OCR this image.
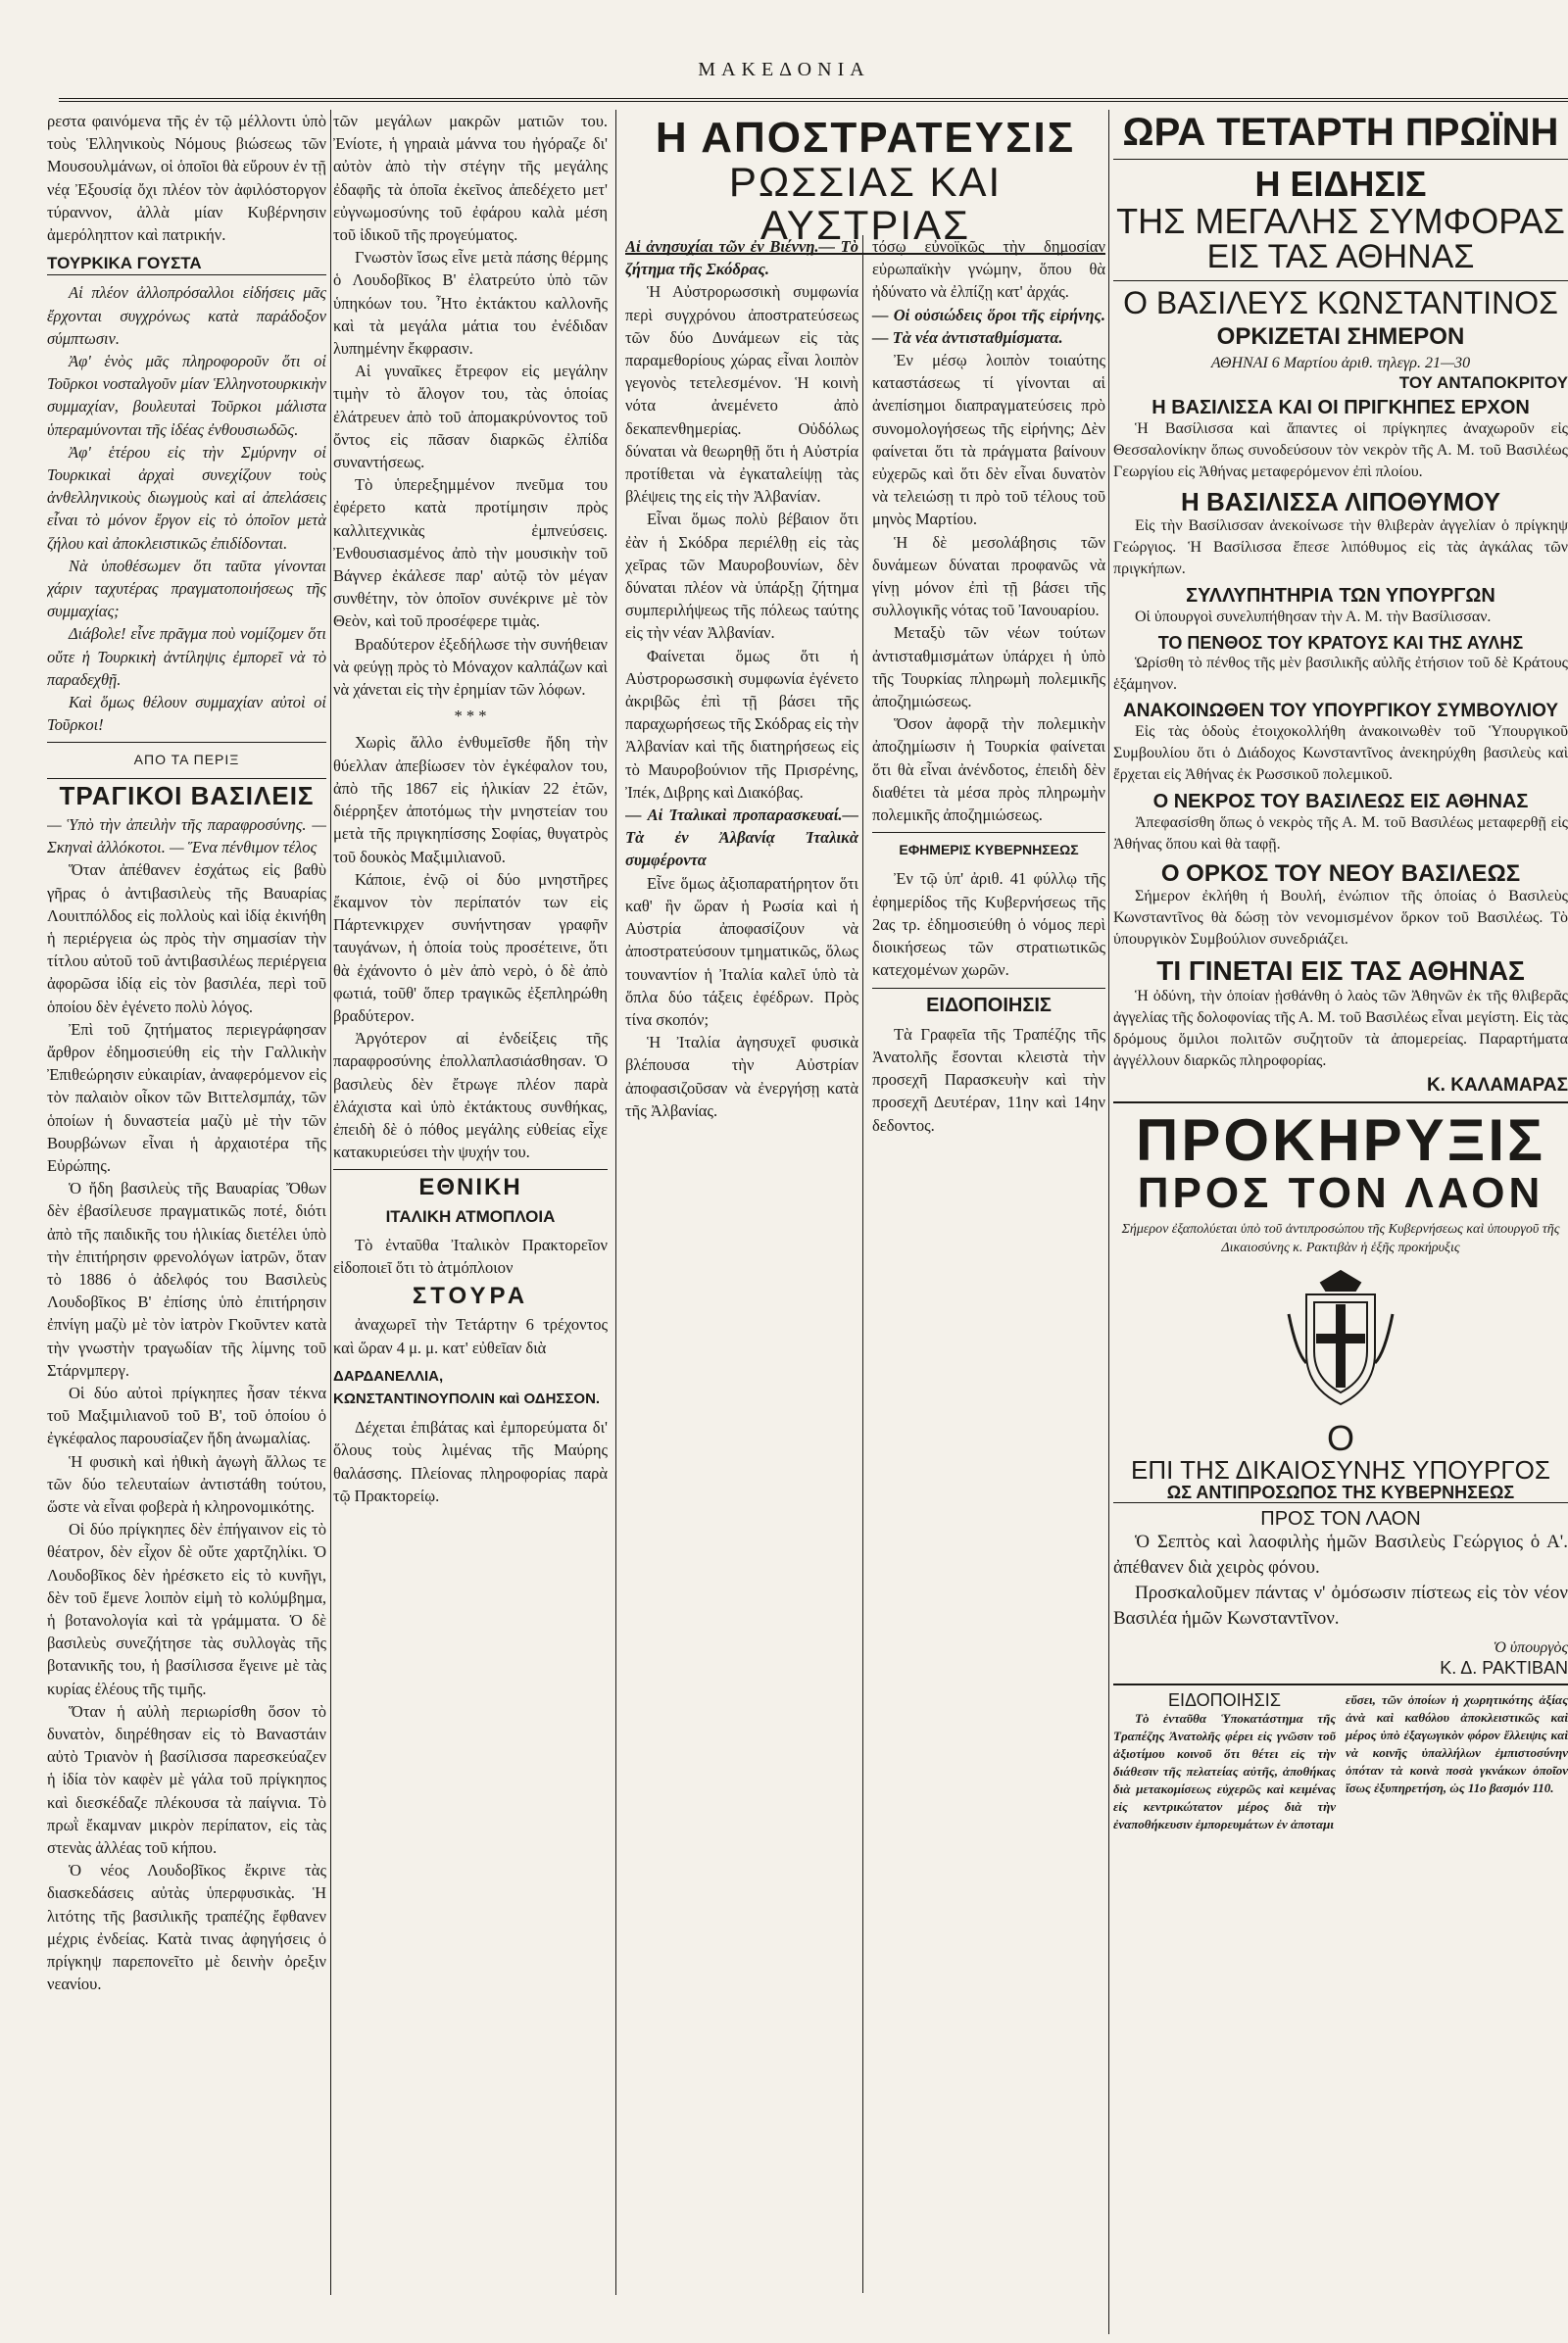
ΜΑΚΕΔΟΝΙΑ

ρεστα φαινόμενα τῆς ἐν τῷ μέλλοντι ὑπὸ τοὺς Ἑλληνικοὺς Νόμους βιώσεως τῶν Μουσουλμάνων, οἱ ὁποῖοι θὰ εὕρουν ἐν τῇ νέᾳ Ἐξουσίᾳ ὄχι πλέον τὸν ἀφιλόστοργον τύραννον, ἀλλὰ μίαν Κυβέρνησιν ἀμερόληπτον καὶ πατρικήν.

ΤΟΥΡΚΙΚΑ ΓΟΥΣΤΑ

Αἱ πλέον ἀλλοπρόσαλλοι εἰδήσεις μᾶς ἔρχονται συγχρόνως κατὰ παράδοξον σύμπτωσιν.

Ἀφ' ἑνὸς μᾶς πληροφοροῦν ὅτι οἱ Τοῦρκοι νοσταλγοῦν μίαν Ἑλληνοτουρκικὴν συμμαχίαν, βουλευταὶ Τοῦρκοι μάλιστα ὑπεραμύνονται τῆς ἰδέας ἐνθουσιωδῶς.

Ἀφ' ἑτέρου εἰς τὴν Σμύρνην οἱ Τουρκικαὶ ἀρχαὶ συνεχίζουν τοὺς ἀνθελληνικοὺς διωγμοὺς καὶ αἱ ἀπελάσεις εἶναι τὸ μόνον ἔργον εἰς τὸ ὁποῖον μετὰ ζήλου καὶ ἀποκλειστικῶς ἐπιδίδονται.

Νὰ ὑποθέσωμεν ὅτι ταῦτα γίνονται χάριν ταχυτέρας πραγματοποιήσεως τῆς συμμαχίας;

Διάβολε! εἶνε πρᾶγμα ποὺ νομίζομεν ὅτι οὔτε ἡ Τουρκικὴ ἀντίληψις ἐμπορεῖ νὰ τὸ παραδεχθῇ.

Καὶ ὅμως θέλουν συμμαχίαν αὐτοὶ οἱ Τοῦρκοι!

ΑΠΟ ΤΑ ΠΕΡΙΞ
ΤΡΑΓΙΚΟΙ ΒΑΣΙΛΕΙΣ

— Ὑπὸ τὴν ἀπειλὴν τῆς παραφροσύνης. — Σκηναὶ ἀλλόκοτοι. — Ἕνα πένθιμον τέλος

Ὅταν ἀπέθανεν ἐσχάτως εἰς βαθὺ γῆρας ὁ ἀντιβασιλεὺς τῆς Βαυαρίας Λουιτπόλδος εἰς πολλοὺς καὶ ἰδίᾳ ἐκινήθη ἡ περιέργεια ὡς πρὸς τὴν σημασίαν τὴν τίτλου αὐτοῦ τοῦ ἀντιβασιλέως περιέργεια ἀφορῶσα ἰδίᾳ εἰς τὸν βασιλέα, περὶ τοῦ ὁποίου δὲν ἐγένετο πολὺ λόγος.

Ἐπὶ τοῦ ζητήματος περιεγράφησαν ἄρθρον ἐδημοσιεύθη εἰς τὴν Γαλλικὴν Ἐπιθεώρησιν εὐκαιρίαν, ἀναφερόμενον εἰς τὸν παλαιὸν οἶκον τῶν Βιττελσμπάχ, τῶν ὁποίων ἡ δυναστεία μαζὺ μὲ τὴν τῶν Βουρβώνων εἶναι ἡ ἀρχαιοτέρα τῆς Εὐρώπης.

Ὁ ἤδη βασιλεὺς τῆς Βαυαρίας Ὄθων δὲν ἐβασίλευσε πραγματικῶς ποτέ, διότι ἀπὸ τῆς παιδικῆς του ἡλικίας διετέλει ὑπὸ τὴν ἐπιτήρησιν φρενολόγων ἰατρῶν, ὅταν τὸ 1886 ὁ ἀδελφός του Βασιλεὺς Λουδοβῖκος Β' ἐπίσης ὑπὸ ἐπιτήρησιν ἐπνίγη μαζὺ μὲ τὸν ἰατρὸν Γκοῦντεν κατὰ τὴν γνωστὴν τραγωδίαν τῆς λίμνης τοῦ Στάρνμπεργ.

Οἱ δύο αὐτοὶ πρίγκηπες ἦσαν τέκνα τοῦ Μαξιμιλιανοῦ τοῦ Β', τοῦ ὁποίου ὁ ἐγκέφαλος παρουσίαζεν ἤδη ἀνωμαλίας.

Ἡ φυσικὴ καὶ ἠθικὴ ἀγωγὴ ἄλλως τε τῶν δύο τελευταίων ἀντιστάθη τούτου, ὥστε νὰ εἶναι φοβερὰ ἡ κληρονομικότης.

Οἱ δύο πρίγκηπες δὲν ἐπήγαινον εἰς τὸ θέατρον, δὲν εἶχον δὲ οὔτε χαρτζηλίκι. Ὁ Λουδοβῖκος δὲν ἠρέσκετο εἰς τὸ κυνῆγι, δὲν τοῦ ἔμενε λοιπὸν εἰμὴ τὸ κολύμβημα, ἡ βοτανολογία καὶ τὰ γράμματα. Ὁ δὲ βασιλεὺς συνεζήτησε τὰς συλλογὰς τῆς βοτανικῆς του, ἡ βασίλισσα ἔγεινε μὲ τὰς κυρίας ἐλέους τῆς τιμῆς.

Ὅταν ἡ αὐλὴ περιωρίσθη ὅσον τὸ δυνατὸν, διηρέθησαν εἰς τὸ Βαναστάιν αὐτὸ Τριανὸν ἡ βασίλισσα παρεσκεύαζεν ἡ ἰδία τὸν καφὲν μὲ γάλα τοῦ πρίγκηπος καὶ διεσκέδαζε πλέκουσα τὰ παίγνια. Τὸ πρωῒ ἔκαμναν μικρὸν περίπατον, εἰς τὰς στενὰς ἀλλέας τοῦ κήπου.

Ὁ νέος Λουδοβῖκος ἔκρινε τὰς διασκεδάσεις αὐτὰς ὑπερφυσικὰς. Ἡ λιτότης τῆς βασιλικῆς τραπέζης ἔφθανεν μέχρις ἐνδείας. Κατὰ τινας ἀφηγήσεις ὁ πρίγκηψ παρεπονεῖτο μὲ δεινὴν ὀρεξιν νεανίου.

τῶν μεγάλων μακρῶν ματιῶν του. Ἐνίοτε, ἡ γηραιὰ μάννα του ἠγόραζε δι' αὐτὸν ἀπὸ τὴν στέγην τῆς μεγάλης ἐδαφῆς τὰ ὁποῖα ἐκεῖνος ἀπεδέχετο μετ' εὐγνωμοσύνης τοῦ ἐφάρου καλὰ μέση τοῦ ἰδικοῦ τῆς προγεύματος.

Γνωστὸν ἴσως εἶνε μετὰ πάσης θέρμης ὁ Λουδοβῖκος Β' ἐλατρεύτο ὑπὸ τῶν ὑπηκόων του. Ἦτο ἐκτάκτου καλλονῆς καὶ τὰ μεγάλα μάτια του ἐνέδιδαν λυπημένην ἔκφρασιν.

Αἱ γυναῖκες ἔτρεφον εἰς μεγάλην τιμὴν τὸ ἄλογον του, τὰς ὁποίας ἐλάτρευεν ἀπὸ τοῦ ἀπομακρύνοντος τοῦ ὄντος εἰς πᾶσαν διαρκῶς ἐλπίδα συναντήσεως.

Τὸ ὑπερεξημμένον πνεῦμα του ἐφέρετο κατὰ προτίμησιν πρὸς καλλιτεχνικὰς ἐμπνεύσεις. Ἐνθουσιασμένος ἀπὸ τὴν μουσικὴν τοῦ Βάγνερ ἐκάλεσε παρ' αὐτῷ τὸν μέγαν συνθέτην, τὸν ὁποῖον συνέκρινε μὲ τὸν Θεὸν, καὶ τοῦ προσέφερε τιμὰς.

Βραδύτερον ἐξεδήλωσε τὴν συνήθειαν νὰ φεύγῃ πρὸς τὸ Μόναχον καλπάζων καὶ νὰ χάνεται εἰς τὴν ἐρημίαν τῶν λόφων.

* * *

Χωρὶς ἄλλο ἐνθυμεῖσθε ἤδη τὴν θύελλαν ἀπεβίωσεν τὸν ἐγκέφαλον του, ἀπὸ τῆς 1867 εἰς ἡλικίαν 22 ἐτῶν, διέρρηξεν ἀποτόμως τὴν μνηστείαν του μετὰ τῆς πριγκηπίσσης Σοφίας, θυγατρὸς τοῦ δουκὸς Μαξιμιλιανοῦ.

Κάποιε, ἐνῷ οἱ δύο μνηστῆρες ἔκαμνον τὸν περίπατόν των εἰς Πάρτενκιρχεν συνήντησαν γραφῆν ταυγάνων, ἡ ὁποία τοὺς προσέτεινε, ὅτι θὰ ἐχάνοντο ὁ μὲν ἀπὸ νερὸ, ὁ δὲ ἀπὸ φωτιά, τοῦθ' ὅπερ τραγικῶς ἐξεπληρώθη βραδύτερον.

Ἀργότερον αἱ ἐνδείξεις τῆς παραφροσύνης ἐπολλαπλασιάσθησαν. Ὁ βασιλεὺς δὲν ἔτρωγε πλέον παρὰ ἐλάχιστα καὶ ὑπὸ ἐκτάκτους συνθήκας, ἐπειδὴ δὲ ὁ πόθος μεγάλης εὐθείας εἶχε κατακυριεύσει τὴν ψυχήν του.

ΕΘΝΙΚΗ
ΙΤΑΛΙΚΗ ΑΤΜΟΠΛΟΙΑ

Τὸ ἐνταῦθα Ἰταλικὸν Πρακτορεῖον εἰδοποιεῖ ὅτι τὸ ἀτμόπλοιον

ΣΤΟΥΡΑ

ἀναχωρεῖ τὴν Τετάρτην 6 τρέχοντος καὶ ὥραν 4 μ. μ. κατ' εὐθεῖαν διὰ

ΔΑΡΔΑΝΕΛΛΙΑ, ΚΩΝΣΤΑΝΤΙΝΟΥΠΟΛΙΝ καὶ ΟΔΗΣΣΟΝ.

Δέχεται ἐπιβάτας καὶ ἐμπορεύματα δι' ὅλους τοὺς λιμένας τῆς Μαύρης θαλάσσης. Πλείονας πληροφορίας παρὰ τῷ Πρακτορείῳ.

Η ΑΠΟΣΤΡΑΤΕΥΣΙΣ
ΡΩΣΣΙΑΣ ΚΑΙ ΑΥΣΤΡΙΑΣ

Αἱ ἀνησυχίαι τῶν ἐν Βιέννῃ.— Τὸ ζήτημα τῆς Σκόδρας.

Ἡ Αὐστρορωσσικὴ συμφωνία περὶ συγχρόνου ἀποστρατεύσεως τῶν δύο Δυνάμεων εἰς τὰς παραμεθορίους χώρας εἶναι λοιπὸν γεγονὸς τετελεσμένον. Ἡ κοινὴ νότα ἀνεμένετο ἀπὸ δεκαπενθημερίας. Οὐδόλως δύναται νὰ θεωρηθῇ ὅτι ἡ Αὐστρία προτίθεται νὰ ἐγκαταλείψῃ τὰς βλέψεις της εἰς τὴν Ἀλβανίαν.

Εἶναι ὅμως πολὺ βέβαιον ὅτι ἐὰν ἡ Σκόδρα περιέλθῃ εἰς τὰς χεῖρας τῶν Μαυροβουνίων, δὲν δύναται πλέον νὰ ὑπάρξῃ ζήτημα συμπεριλήψεως τῆς πόλεως ταύτης εἰς τὴν νέαν Ἀλβανίαν.

Φαίνεται ὅμως ὅτι ἡ Αὐστρορωσσικὴ συμφωνία ἐγένετο ἀκριβῶς ἐπὶ τῇ βάσει τῆς παραχωρήσεως τῆς Σκόδρας εἰς τὴν Ἀλβανίαν καὶ τῆς διατηρήσεως εἰς τὸ Μαυροβούνιον τῆς Πρισρένης, Ἰπέκ, Διβρης καὶ Διακόβας.

— Αἱ Ἰταλικαὶ προπαρασκευαί.— Τὰ ἐν Ἀλβανίᾳ Ἰταλικὰ συμφέροντα

Εἶνε ὅμως ἀξιοπαρατήρητον ὅτι καθ' ἣν ὥραν ἡ Ρωσία καὶ ἡ Αὐστρία ἀποφασίζουν νὰ ἀποστρατεύσουν τμηματικῶς, ὅλως τουναντίον ἡ Ἰταλία καλεῖ ὑπὸ τὰ ὅπλα δύο τάξεις ἐφέδρων. Πρὸς τίνα σκοπόν;

Ἡ Ἰταλία ἀγησυχεῖ φυσικὰ βλέπουσα τὴν Αὐστρίαν ἀποφασιζοῦσαν νὰ ἐνεργήσῃ κατὰ τῆς Ἀλβανίας.

τόσῳ εὐνοϊκῶς τὴν δημοσίαν εὐρωπαϊκὴν γνώμην, ὅπου θὰ ἠδύνατο νὰ ἐλπίζῃ κατ' ἀρχάς.

— Οἱ οὐσιώδεις ὅροι τῆς εἰρήνης.— Τὰ νέα ἀντισταθμίσματα.

Ἐν μέσῳ λοιπὸν τοιαύτης καταστάσεως τί γίνονται αἱ ἀνεπίσημοι διαπραγματεύσεις πρὸ συνομολογήσεως τῆς εἰρήνης; Δὲν φαίνεται ὅτι τὰ πράγματα βαίνουν εὐχερῶς καὶ ὅτι δὲν εἶναι δυνατὸν νὰ τελειώσῃ τι πρὸ τοῦ τέλους τοῦ μηνὸς Μαρτίου.

Ἡ δὲ μεσολάβησις τῶν δυνάμεων δύναται προφανῶς νὰ γίνῃ μόνον ἐπὶ τῇ βάσει τῆς συλλογικῆς νότας τοῦ Ἰανουαρίου.

Μεταξὺ τῶν νέων τούτων ἀντισταθμισμάτων ὑπάρχει ἡ ὑπὸ τῆς Τουρκίας πληρωμὴ πολεμικῆς ἀποζημιώσεως.

Ὅσον ἀφορᾷ τὴν πολεμικὴν ἀποζημίωσιν ἡ Τουρκία φαίνεται ὅτι θὰ εἶναι ἀνένδοτος, ἐπειδὴ δὲν διαθέτει τὰ μέσα πρὸς πληρωμὴν πολεμικῆς ἀποζημιώσεως.

ΕΦΗΜΕΡΙΣ ΚΥΒΕΡΝΗΣΕΩΣ

Ἐν τῷ ὑπ' ἀριθ. 41 φύλλῳ τῆς ἐφημερίδος τῆς Κυβερνήσεως τῆς 2ας τρ. ἐδημοσιεύθη ὁ νόμος περὶ διοικήσεως τῶν στρατιωτικῶς κατεχομένων χωρῶν.

ΕΙΔΟΠΟΙΗΣΙΣ

Τὰ Γραφεῖα τῆς Τραπέζης τῆς Ἀνατολῆς ἔσονται κλειστὰ τὴν προσεχῆ Παρασκευὴν καὶ τὴν προσεχῆ Δευτέραν, 11ην καὶ 14ην δεδοντος.

ΩΡΑ ΤΕΤΑΡΤΗ ΠΡΩΪΝΗ
Η ΕΙΔΗΣΙΣ
ΤΗΣ ΜΕΓΑΛΗΣ ΣΥΜΦΟΡΑΣ
ΕΙΣ ΤΑΣ ΑΘΗΝΑΣ
Ο ΒΑΣΙΛΕΥΣ ΚΩΝΣΤΑΝΤΙΝΟΣ
ΟΡΚΙΖΕΤΑΙ ΣΗΜΕΡΟΝ
ΑΘΗΝΑΙ 6 Μαρτίου ἀριθ. τηλεγρ. 21—30
ΤΟΥ ΑΝΤΑΠΟΚΡΙΤΟΥ
Η ΒΑΣΙΛΙΣΣΑ ΚΑΙ ΟΙ ΠΡΙΓΚΗΠΕΣ ΕΡΧΟΝ

Ἡ Βασίλισσα καὶ ἅπαντες οἱ πρίγκηπες ἀναχωροῦν εἰς Θεσσαλονίκην ὅπως συνοδεύσουν τὸν νεκρὸν τῆς Α. Μ. τοῦ Βασιλέως Γεωργίου εἰς Ἀθήνας μεταφερόμενον ἐπὶ πλοίου.

Η ΒΑΣΙΛΙΣΣΑ ΛΙΠΟΘΥΜΟΥ

Εἰς τὴν Βασίλισσαν ἀνεκοίνωσε τὴν θλιβερὰν ἀγγελίαν ὁ πρίγκηψ Γεώργιος. Ἡ Βασίλισσα ἔπεσε λιπόθυμος εἰς τὰς ἀγκάλας τῶν πριγκήπων.

ΣΥΛΛΥΠΗΤΗΡΙΑ ΤΩΝ ΥΠΟΥΡΓΩΝ

Οἱ ὑπουργοὶ συνελυπήθησαν τὴν Α. Μ. τὴν Βασίλισσαν.

ΤΟ ΠΕΝΘΟΣ ΤΟΥ ΚΡΑΤΟΥΣ ΚΑΙ ΤΗΣ ΑΥΛΗΣ

Ὡρίσθη τὸ πένθος τῆς μὲν βασιλικῆς αὐλῆς ἐτήσιον τοῦ δὲ Κράτους ἑξάμηνον.

ΑΝΑΚΟΙΝΩΘΕΝ ΤΟΥ ΥΠΟΥΡΓΙΚΟΥ ΣΥΜΒΟΥΛΙΟΥ

Εἰς τὰς ὁδοὺς ἐτοιχοκολλήθη ἀνακοινωθὲν τοῦ Ὑπουργικοῦ Συμβουλίου ὅτι ὁ Διάδοχος Κωνσταντῖνος ἀνεκηρύχθη βασιλεὺς καὶ ἔρχεται εἰς Ἀθήνας ἐκ Ρωσσικοῦ πολεμικοῦ.

Ο ΝΕΚΡΟΣ ΤΟΥ ΒΑΣΙΛΕΩΣ ΕΙΣ ΑΘΗΝΑΣ

Ἀπεφασίσθη ὅπως ὁ νεκρὸς τῆς Α. Μ. τοῦ Βασιλέως μεταφερθῇ εἰς Ἀθήνας ὅπου καὶ θὰ ταφῇ.

Ο ΟΡΚΟΣ ΤΟΥ ΝΕΟΥ ΒΑΣΙΛΕΩΣ

Σήμερον ἐκλήθη ἡ Βουλή, ἐνώπιον τῆς ὁποίας ὁ Βασιλεὺς Κωνσταντῖνος θὰ δώσῃ τὸν νενομισμένον ὅρκον τοῦ Βασιλέως. Τὸ ὑπουργικὸν Συμβούλιον συνεδριάζει.

ΤΙ ΓΙΝΕΤΑΙ ΕΙΣ ΤΑΣ ΑΘΗΝΑΣ

Ἡ ὀδύνη, τὴν ὁποίαν ᾐσθάνθη ὁ λαὸς τῶν Ἀθηνῶν ἐκ τῆς θλιβερᾶς ἀγγελίας τῆς δολοφονίας τῆς Α. Μ. τοῦ Βασιλέως εἶναι μεγίστη. Εἰς τὰς δρόμους ὅμιλοι πολιτῶν συζητοῦν τὰ ἀπομερείας. Παραρτήματα ἀγγέλλουν διαρκῶς πληροφορίας.

Κ. ΚΑΛΑΜΑΡΑΣ
ΠΡΟΚΗΡΥΞΙΣ
ΠΡΟΣ ΤΟΝ ΛΑΟΝ
Σήμερον ἐξαπολύεται ὑπὸ τοῦ ἀντιπροσώπου τῆς Κυβερνήσεως καὶ ὑπουργοῦ τῆς Δικαιοσύνης κ. Ρακτιβὰν ἡ ἑξῆς προκήρυξις
Ο
ΕΠΙ ΤΗΣ ΔΙΚΑΙΟΣΥΝΗΣ ΥΠΟΥΡΓΟΣ
ΩΣ ΑΝΤΙΠΡΟΣΩΠΟΣ ΤΗΣ ΚΥΒΕΡΝΗΣΕΩΣ
ΠΡΟΣ ΤΟΝ ΛΑΟΝ

Ὁ Σεπτὸς καὶ λαοφιλὴς ἡμῶν Βασιλεὺς Γεώργιος ὁ Α'. ἀπέθανεν διὰ χειρὸς φόνου.

Προσκαλοῦμεν πάντας ν' ὀμόσωσιν πίστεως εἰς τὸν νέον Βασιλέα ἡμῶν Κωνσταντῖνον.

Ὁ ὑπουργὸς
Κ. Δ. ΡΑΚΤΙΒΑΝ
ΕΙΔΟΠΟΙΗΣΙΣ

Τὸ ἐνταῦθα Ὑποκατάστημα τῆς Τραπέζης Ἀνατολῆς φέρει εἰς γνῶσιν τοῦ ἀξιοτίμου κοινοῦ ὅτι θέτει εἰς τὴν διάθεσιν τῆς πελατείας αὐτῆς, ἀποθήκας διὰ μετακομίσεως εὐχερῶς καὶ κειμένας εἰς κεντρικώτατον μέρος διὰ τὴν ἐναποθήκευσιν ἐμπορευμάτων ἐν ἀποταμι

εὔσει, τῶν ὁποίων ἡ χωρητικότης ἀξίας ἀνὰ καὶ καθόλου ἀποκλειστικῶς καὶ μέρος ὑπὸ ἐξαγωγικὸν φόρον ἔλλειψις καὶ νὰ κοινῆς ὑπαλλήλων ἐμπιστοσύνην ὁπόταν τὰ κοινὰ ποσὰ γκνάκων ὁποῖον ἴσως ἐξυπηρετήση, ὡς 11ο βασμόν 110.
